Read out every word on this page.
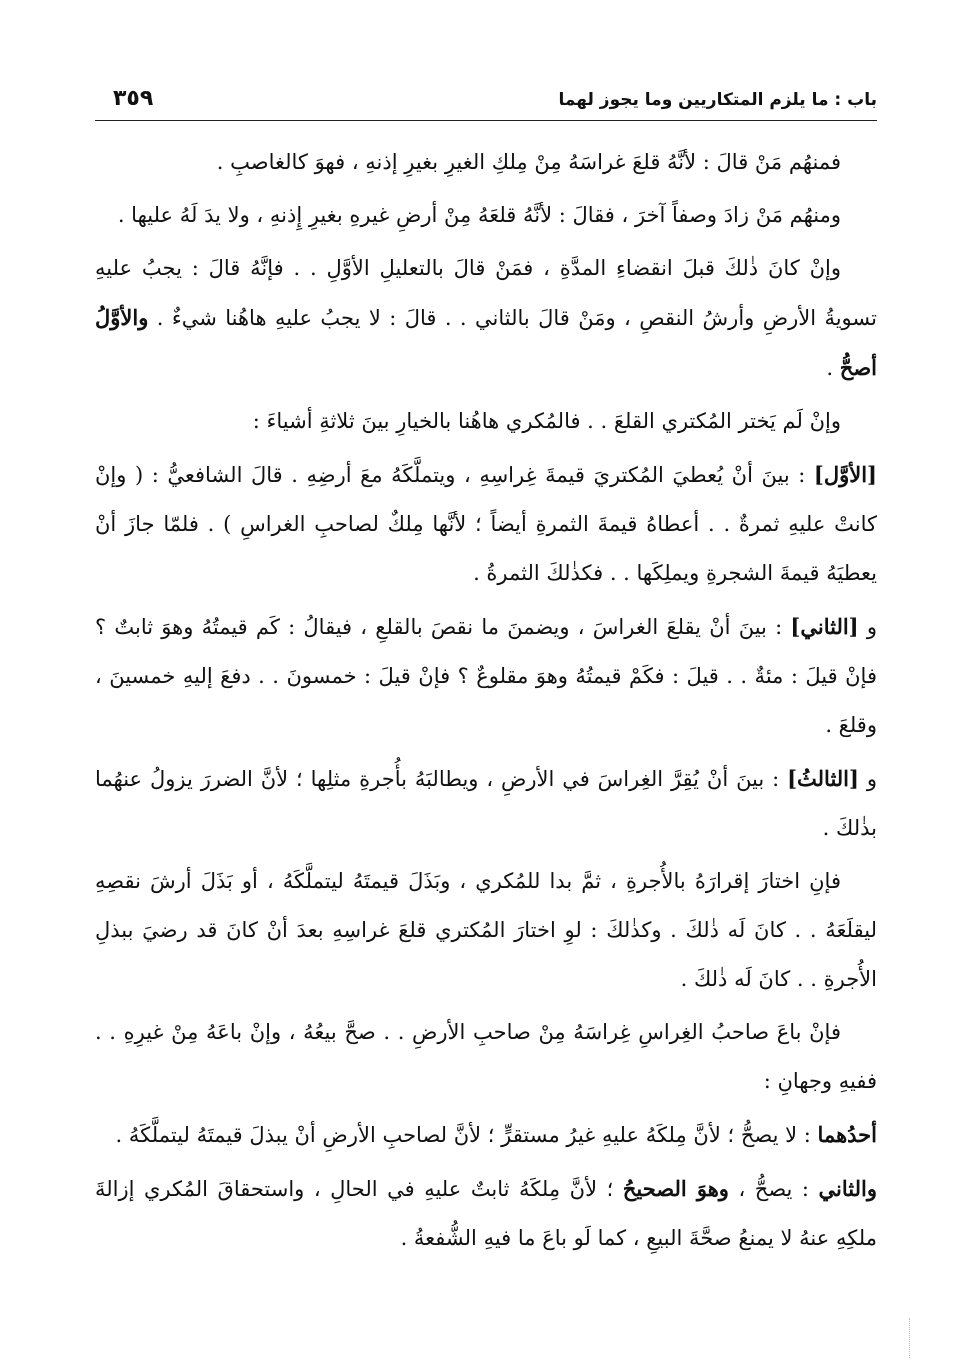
باب : ما يلزم المتكاريين وما يجوز لهما
٣٥٩

فمنهُم مَنْ قالَ : لأنَّهُ قلعَ غراسَهُ مِنْ مِلكِ الغيرِ بغيرِ إذنهِ ، فهوَ كالغاصبِ .

ومنهُم مَنْ زادَ وصفاً آخرَ ، فقالَ : لأنَّهُ قلعَهُ مِنْ أرضِ غيرهِ بغيرِ إِذنهِ ، ولا يدَ لَهُ عليها .

وإنْ كانَ ذٰلكَ قبلَ انقضاءِ المدَّةِ ، فمَنْ قالَ بالتعليلِ الأوَّلِ . . فإنَّهُ قالَ : يجبُ عليهِ تسويةُ الأرضِ وأرشُ النقصِ ، ومَنْ قالَ بالثاني . . قالَ : لا يجبُ عليهِ هاهُنا شيءٌ . والأوَّلُ أصحُّ .

وإنْ لَم يَختر المُكتري القلعَ . . فالمُكري هاهُنا بالخيارِ بينَ ثلاثةِ أشياءَ :

[الأوَّل] : بينَ أنْ يُعطيَ المُكتريَ قيمةَ غِراسِهِ ، ويتملَّكَهُ معَ أرضِهِ . قالَ الشافعيُّ : ( وإنْ كانتْ عليهِ ثمرةٌ . . أعطاهُ قيمةَ الثمرةِ أيضاً ؛ لأنَّها مِلكٌ لصاحبِ الغراسِ ) . فلمّا جازَ أنْ يعطيَهُ قيمةَ الشجرةِ ويملِكَها . . فكذٰلكَ الثمرةُ .

و [الثاني] : بينَ أنْ يقلعَ الغراسَ ، ويضمنَ ما نقصَ بالقلعِ ، فيقالُ : كَم قيمتُهُ وهوَ ثابتٌ ؟ فإنْ قيلَ : مئةٌ . . قيلَ : فكَمْ قيمتُهُ وهوَ مقلوعٌ ؟ فإنْ قيلَ : خمسونَ . . دفعَ إليهِ خمسينَ ، وقلعَ .

و [الثالثُ] : بينَ أنْ يُقِرَّ الغِراسَ في الأرضِ ، ويطالبَهُ بأُجرةِ مثلِها ؛ لأنَّ الضررَ يزولُ عنهُما بذٰلكَ .

فإنِ اختارَ إقرارَهُ بالأُجرةِ ، ثمَّ بدا للمُكري ، وبَذَلَ قيمتَهُ ليتملَّكَهُ ، أو بَذَلَ أرشَ نقصِهِ ليقلَعَهُ . . كانَ لَه ذٰلكَ . وكذٰلكَ : لوِ اختارَ المُكتري قلعَ غراسِهِ بعدَ أنْ كانَ قد رضيَ ببذلِ الأُجرةِ . . كانَ لَه ذٰلكَ .

فإنْ باعَ صاحبُ الغِراسِ غِراسَهُ مِنْ صاحبِ الأرضِ . . صحَّ بيعُهُ ، وإنْ باعَهُ مِنْ غيرِهِ . . ففيهِ وجهانِ :

أحدُهما : لا يصحُّ ؛ لأنَّ مِلكَهُ عليهِ غيرُ مستقرٍّ ؛ لأنَّ لصاحبِ الأرضِ أنْ يبذلَ قيمتَهُ ليتملَّكَهُ .

والثاني : يصحُّ ، وهوَ الصحيحُ ؛ لأنَّ مِلكَهُ ثابتٌ عليهِ في الحالِ ، واستحقاقَ المُكري إزالةَ ملكِهِ عنهُ لا يمنعُ صحَّةَ البيعِ ، كما لَو باعَ ما فيهِ الشُّفعةُ .
